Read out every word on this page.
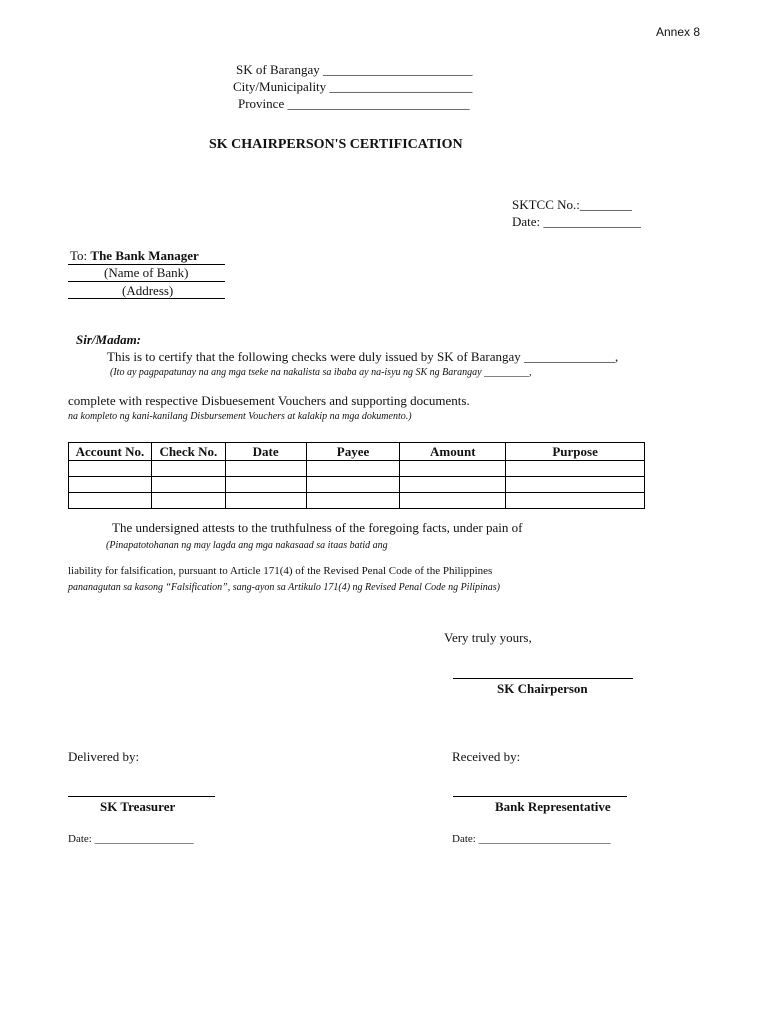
Annex 8
SK of Barangay _______________________
City/Municipality ______________________
Province ____________________________
SK CHAIRPERSON'S CERTIFICATION
SKTCC No.:________
Date: _______________
To: The Bank Manager
(Name of Bank)
(Address)
Sir/Madam:
This is to certify that the following checks were duly issued by SK of Barangay ______________,
(Ito ay pagpapatunay na ang mga tseke na nakalista sa ibaba ay na-isyu ng SK ng Barangay _________,
complete with respective Disbuesement Vouchers and supporting documents.
na kompleto ng kani-kanilang Disbursement Vouchers at kalakip na mga dokumento.)
Account No.	Check No.	Date	Payee	Amount	Purpose

The undersigned attests to the truthfulness of the foregoing facts, under pain of
(Pinapatotohanan ng may lagda ang mga nakasaad sa itaas batid ang
liability for falsification, pursuant to Article 171(4) of the Revised Penal Code of the Philippines
pananagutan sa kasong “Falsification”, sang-ayon sa Artikulo 171(4) ng Revised Penal Code ng Pilipinas)
Very truly yours,
SK Chairperson
Delivered by:	Received by:
SK Treasurer	Bank Representative
Date: __________________	Date: ________________________
